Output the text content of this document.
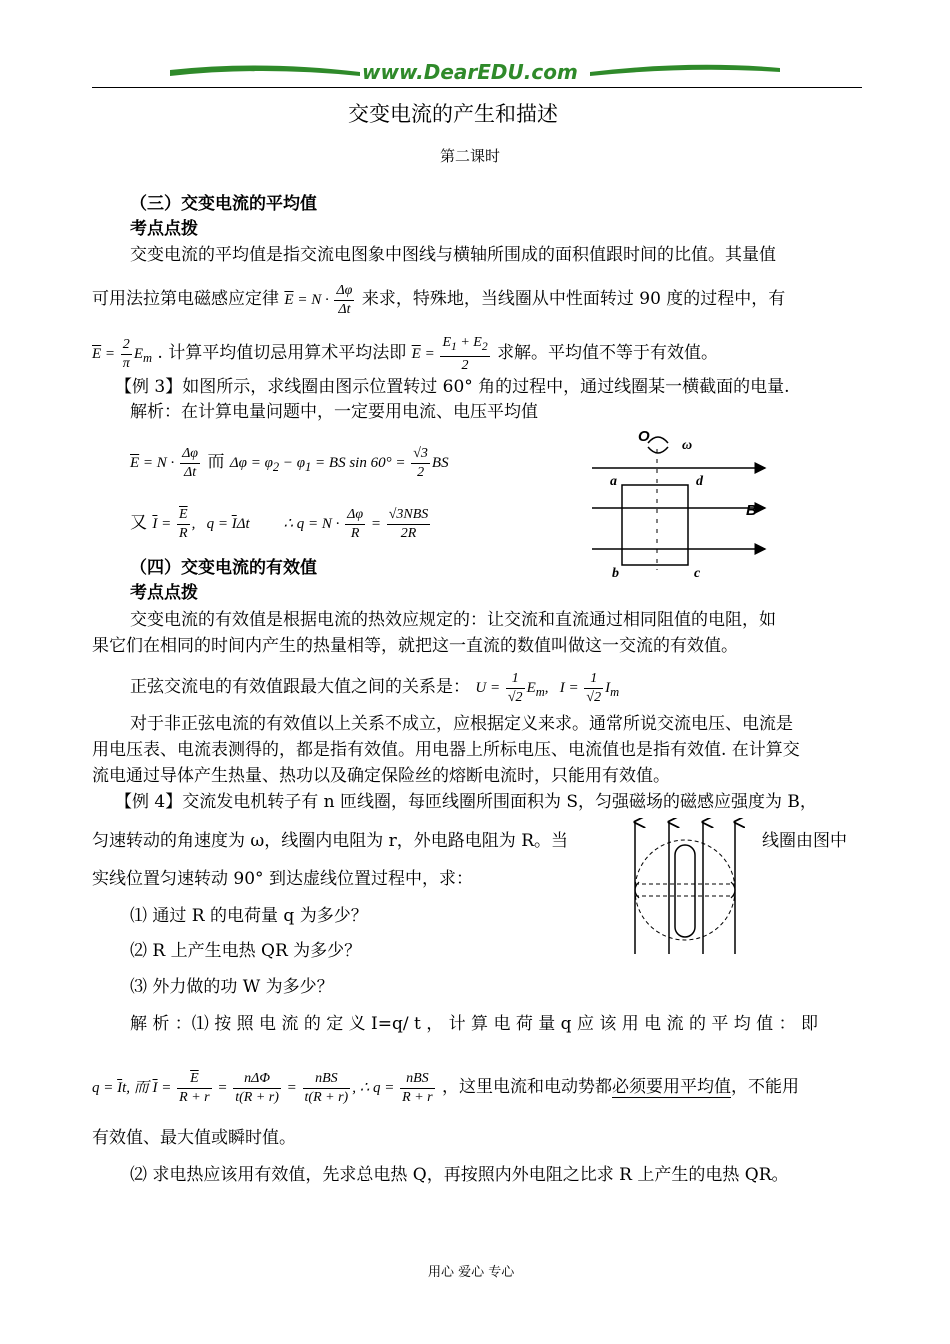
www.DearEDU.com
交变电流的产生和描述
第二课时
（三）交变电流的平均值
考点点拨
交变电流的平均值是指交流电图象中图线与横轴所围成的面积值跟时间的比值。其量值
可用法拉第电磁感应定律 $\overline{E} = N \cdot \frac{\Delta\varphi}{\Delta t}$ 来求，特殊地，当线圈从中性面转过 90 度的过程中，有
$\overline{E} = \frac{2}{\pi} E_m$ . 计算平均值切忌用算术平均法即 $\overline{E} = \frac{E_1 + E_2}{2}$ 求解。平均值不等于有效值。
【例 3】如图所示，求线圈由图示位置转过 60° 角的过程中，通过线圈某一横截面的电量.
解析：在计算电量问题中，一定要用电流、电压平均值
$\overline{E} = N \cdot \frac{\Delta\varphi}{\Delta t}$ 而 $\Delta\varphi = \varphi_2 - \varphi_1$ = BS $\sin 60^\circ = \frac{√3}{2}$ BS
又 $\overline{I} = \frac{\overline{E}}{R}$ ,   $q = \overline{I}\Delta t$         ∴ $q = N \cdot \frac{\Delta\varphi}{R} = \frac{\text{√3NBS}}{2R}$
O
ω
a	d
b	c
B
（四）交变电流的有效值
考点点拨
交变电流的有效值是根据电流的热效应规定的：让交流和直流通过相同阻值的电阻，如
果它们在相同的时间内产生的热量相等，就把这一直流的数值叫做这一交流的有效值。
正弦交流电的有效值跟最大值之间的关系是： $U = \frac{1}{√2} E_m$,   $I = \frac{1}{√2} I_m$
对于非正弦电流的有效值以上关系不成立，应根据定义来求。通常所说交流电压、电流是
用电压表、电流表测得的，都是指有效值。用电器上所标电压、电流值也是指有效值. 在计算交
流电通过导体产生热量、热功以及确定保险丝的熔断电流时，只能用有效值。
【例 4】交流发电机转子有 n 匝线圈，每匝线圈所围面积为 S，匀强磁场的磁感应强度为 B，
匀速转动的角速度为 ω，线圈内电阻为 r，外电路电阻为 R。当	线圈由图中
实线位置匀速转动 90° 到达虚线位置过程中，求：
⑴ 通过 R 的电荷量 q 为多少？
⑵ R 上产生电热 QR 为多少？
⑶ 外力做的功 W 为多少？
解 析 ：⑴ 按 照 电 流 的 定 义 I=q/ t ， 计 算 电 荷 量 q 应 该 用 电 流 的 平 均 值 ： 即
$q = \overline{I}t$, 而 $\overline{I} = \frac{\overline{E}}{R + r} = \frac{\text{nΔΦ}}{t(R + r)} = \frac{\text{nBS}}{t(R + r)}$ , ∴ $q = \frac{\text{nBS}}{R + r}$ ，这里电流和电动势都必须要用平均值，不能用
有效值、最大值或瞬时值。
⑵ 求电热应该用有效值，先求总电热 Q，再按照内外电阻之比求 R 上产生的电热 QR。
用心 爱心 专心
